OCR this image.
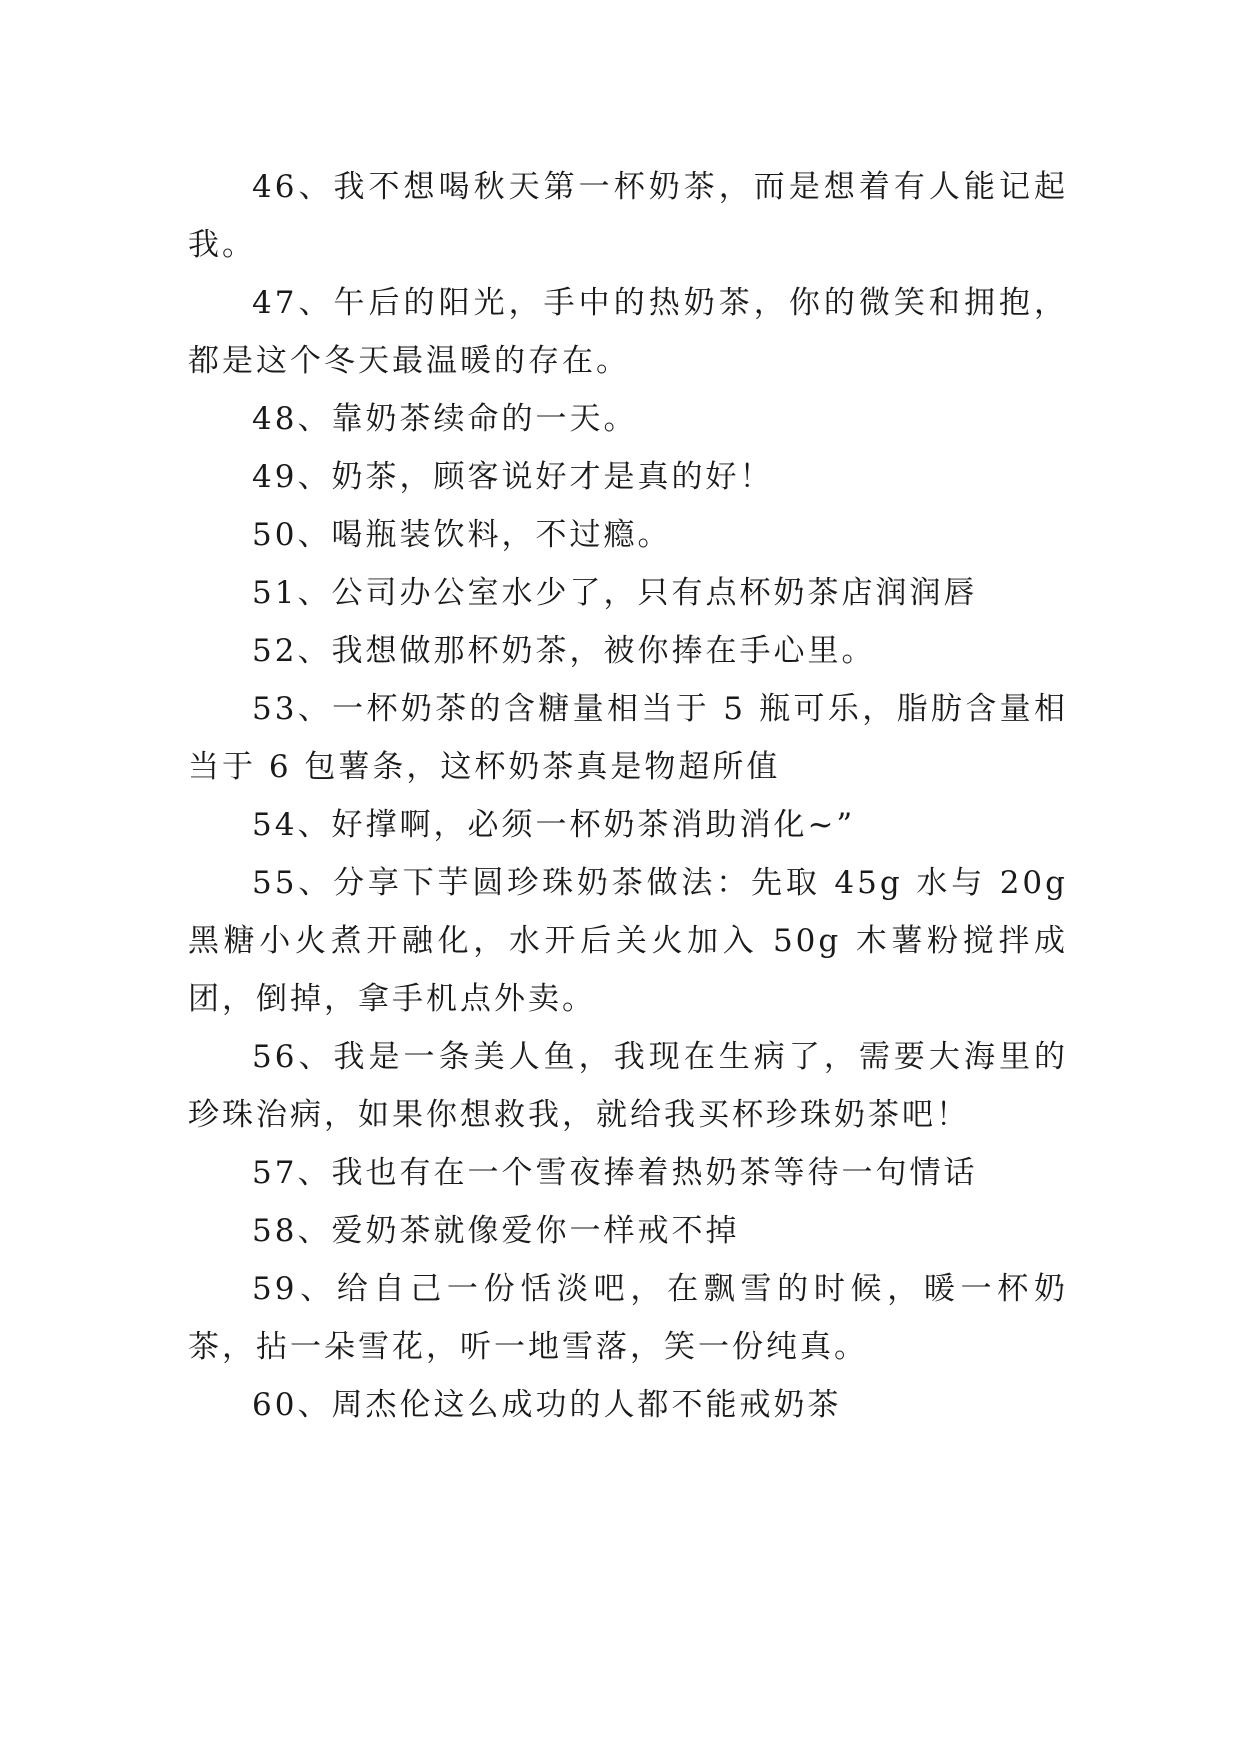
46、我不想喝秋天第一杯奶茶，而是想着有人能记起我。

47、午后的阳光，手中的热奶茶，你的微笑和拥抱，都是这个冬天最温暖的存在。

48、靠奶茶续命的一天。

49、奶茶，顾客说好才是真的好！

50、喝瓶装饮料，不过瘾。

51、公司办公室水少了，只有点杯奶茶店润润唇

52、我想做那杯奶茶，被你捧在手心里。

53、一杯奶茶的含糖量相当于 5 瓶可乐，脂肪含量相当于 6 包薯条，这杯奶茶真是物超所值

54、好撑啊，必须一杯奶茶消助消化~”

55、分享下芋圆珍珠奶茶做法：先取 45g 水与 20g 黑糖小火煮开融化，水开后关火加入 50g 木薯粉搅拌成团，倒掉，拿手机点外卖。

56、我是一条美人鱼，我现在生病了，需要大海里的珍珠治病，如果你想救我，就给我买杯珍珠奶茶吧！

57、我也有在一个雪夜捧着热奶茶等待一句情话

58、爱奶茶就像爱你一样戒不掉

59、给自己一份恬淡吧，在飘雪的时候，暖一杯奶茶，拈一朵雪花，听一地雪落，笑一份纯真。

60、周杰伦这么成功的人都不能戒奶茶
